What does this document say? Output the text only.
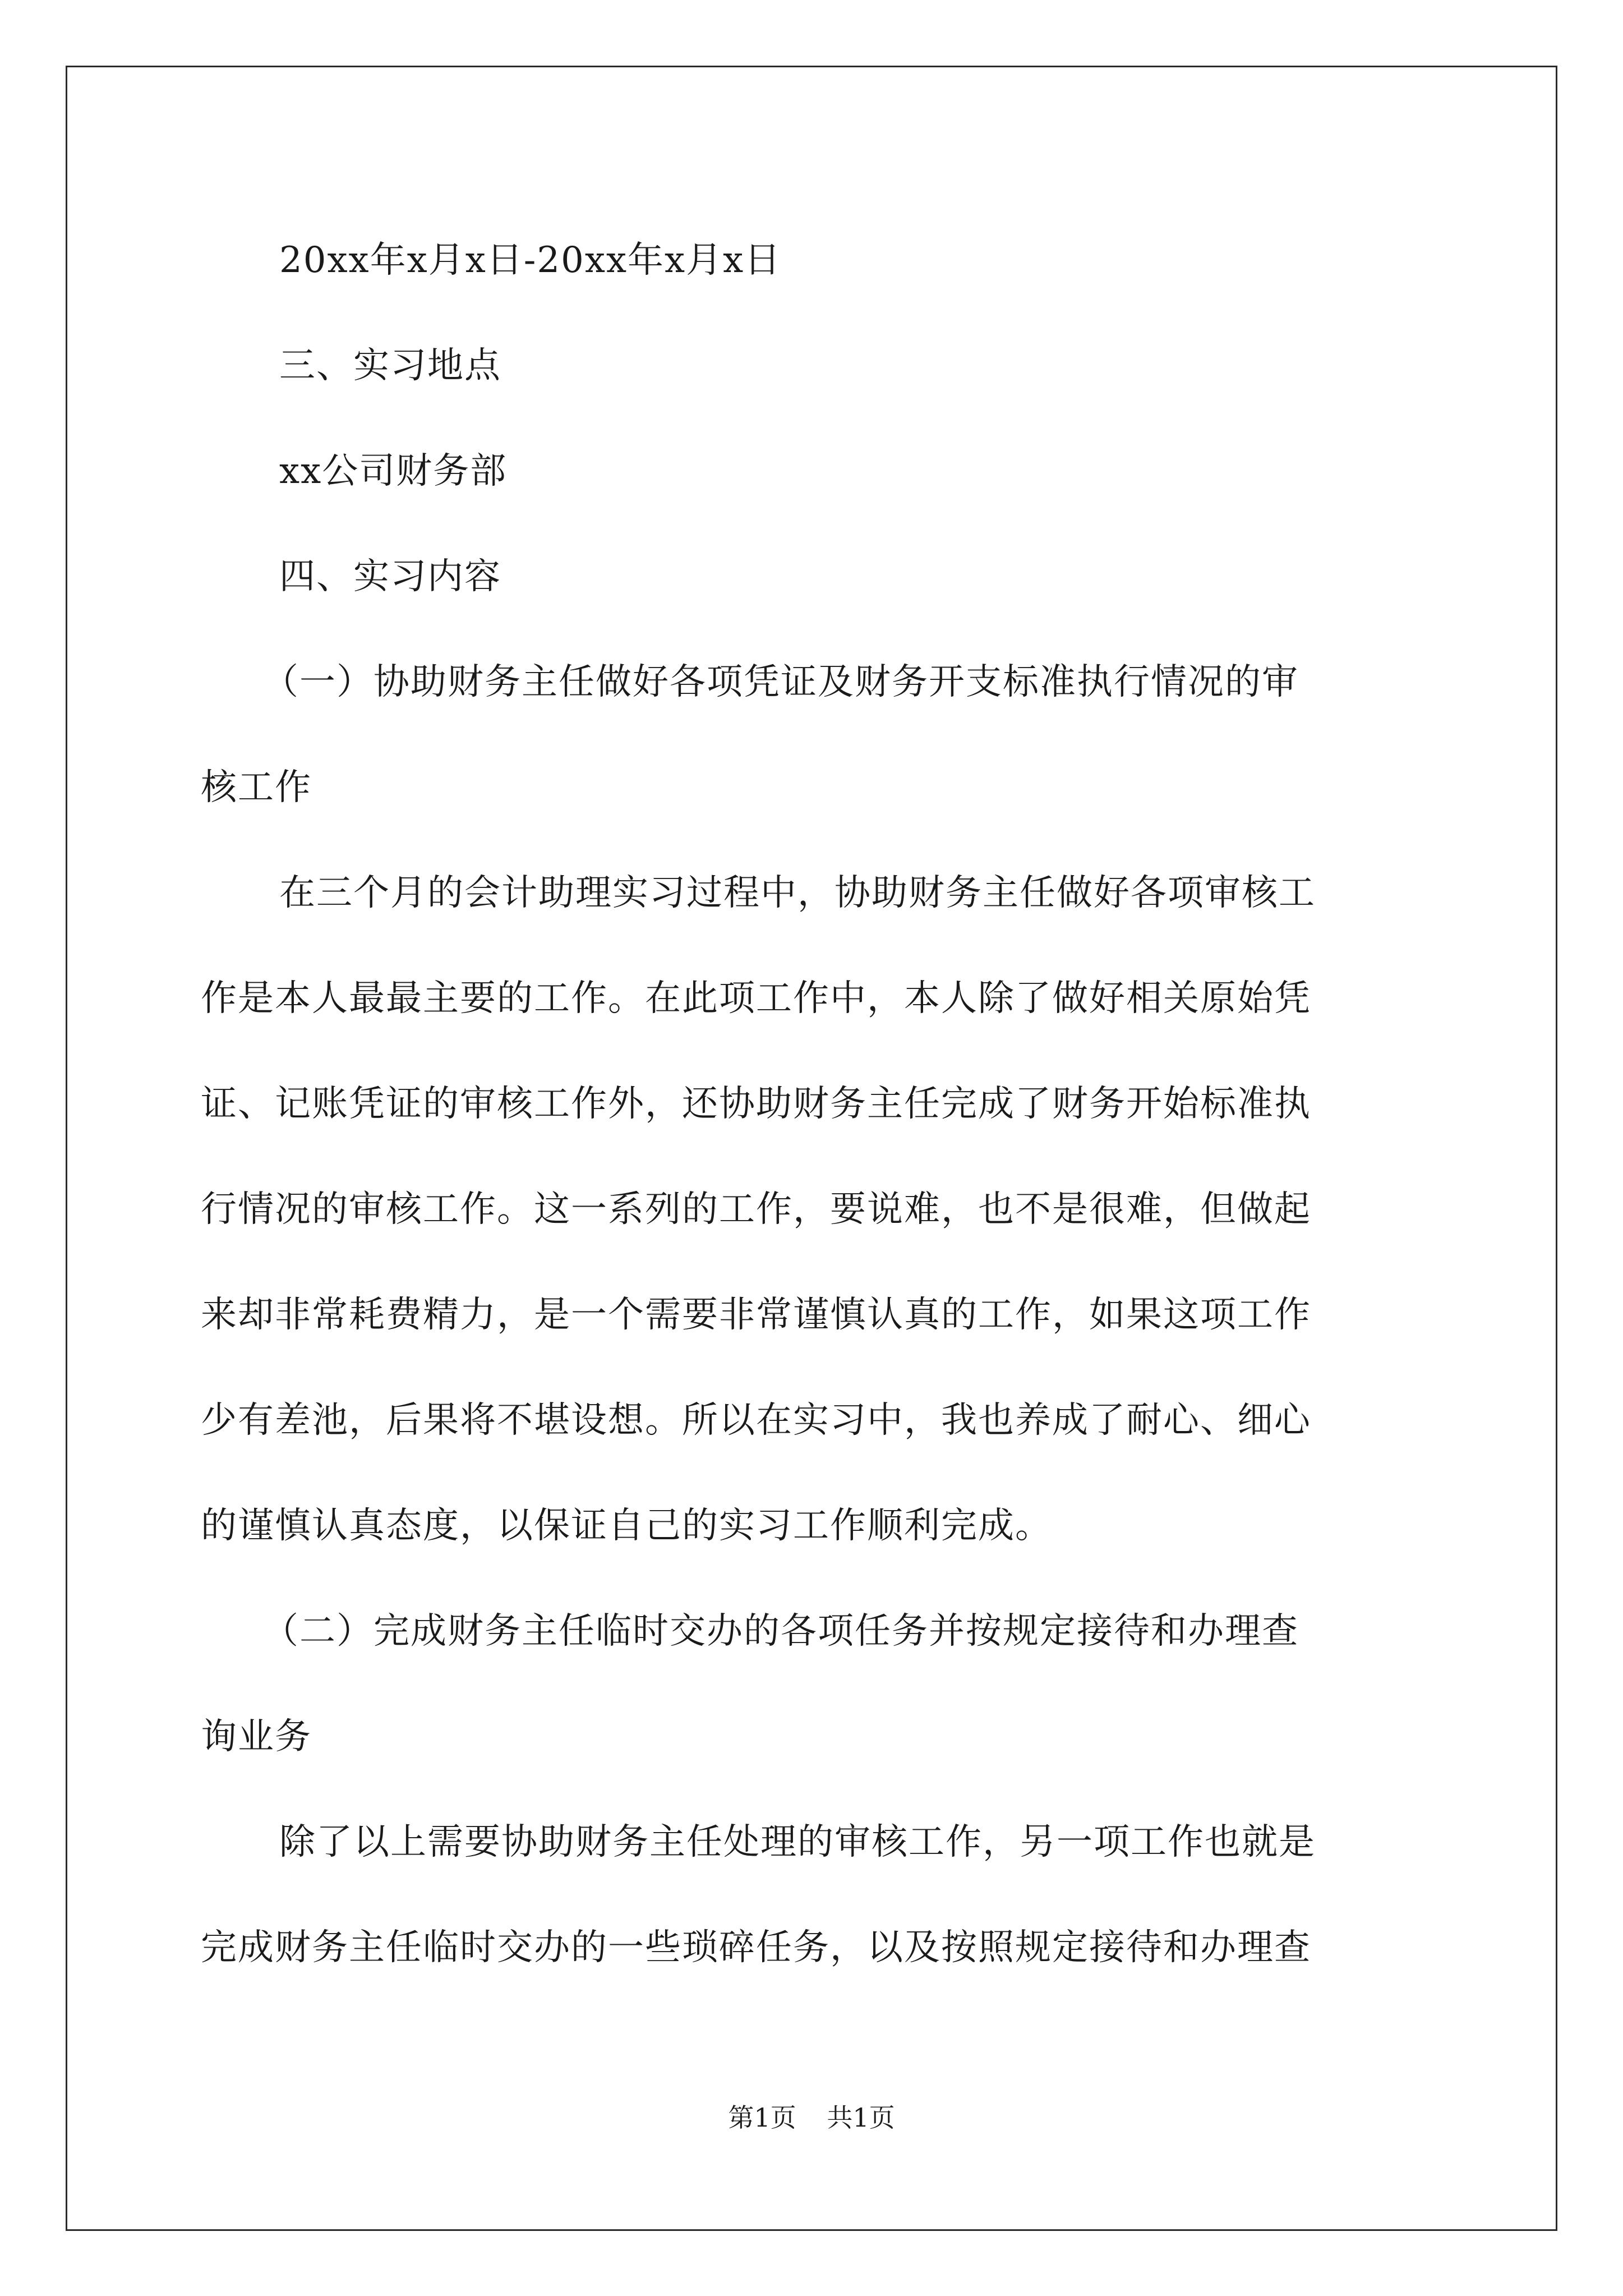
20xx年x月x日-20xx年x月x日
三、实习地点
xx公司财务部
四、实习内容
（一）协助财务主任做好各项凭证及财务开支标准执行情况的审
核工作
在三个月的会计助理实习过程中，协助财务主任做好各项审核工
作是本人最最主要的工作。在此项工作中，本人除了做好相关原始凭
证、记账凭证的审核工作外，还协助财务主任完成了财务开始标准执
行情况的审核工作。这一系列的工作，要说难，也不是很难，但做起
来却非常耗费精力，是一个需要非常谨慎认真的工作，如果这项工作
少有差池，后果将不堪设想。所以在实习中，我也养成了耐心、细心
的谨慎认真态度，以保证自己的实习工作顺利完成。
（二）完成财务主任临时交办的各项任务并按规定接待和办理查
询业务
除了以上需要协助财务主任处理的审核工作，另一项工作也就是
完成财务主任临时交办的一些琐碎任务，以及按照规定接待和办理查
第1页 共1页
